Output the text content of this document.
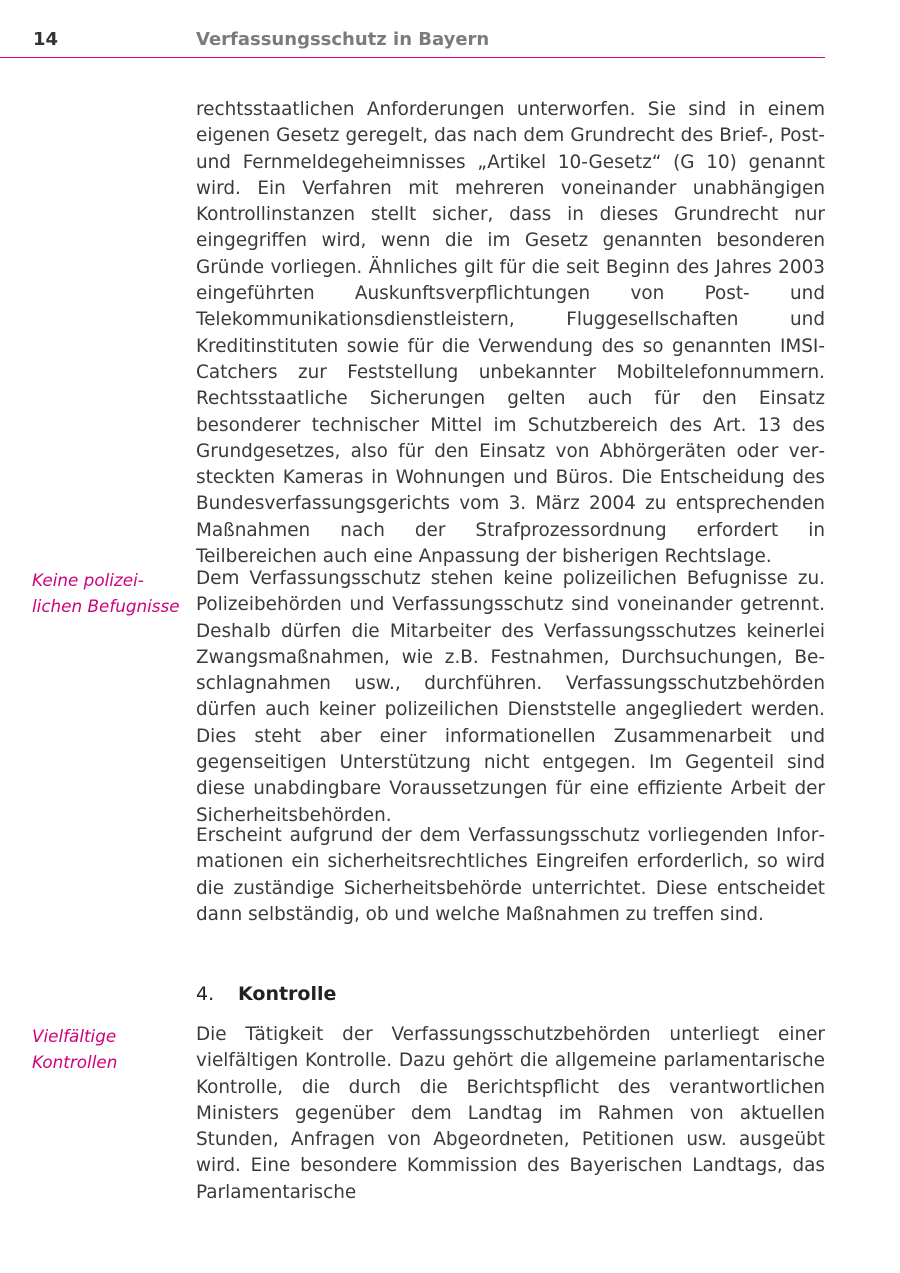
14	Verfassungsschutz in Bayern

rechtsstaatlichen Anforderungen unterworfen. Sie sind in einem eigenen Gesetz geregelt, das nach dem Grundrecht des Brief-, Post- und Fernmeldegeheimnisses „Artikel 10-Gesetz“ (G 10) genannt wird. Ein Verfahren mit mehreren voneinander unabhängigen Kontrollinstanzen stellt sicher, dass in dieses Grundrecht nur eingegriffen wird, wenn die im Gesetz genannten besonderen Gründe vorliegen. Ähnliches gilt für die seit Beginn des Jahres 2003 eingeführten Auskunftsverpflichtungen von Post- und Telekommunikationsdienstleistern, Fluggesellschaften und Kreditinstituten sowie für die Verwendung des so genannten IMSI-Catchers zur Feststellung unbekannter Mobiltelefonnummern. Rechtsstaatliche Sicherungen gelten auch für den Einsatz besonderer technischer Mittel im Schutzbereich des Art. 13 des Grundgesetzes, also für den Einsatz von Abhörgeräten oder versteckten Kameras in Wohnungen und Büros. Die Entscheidung des Bundesverfassungsgerichts vom 3. März 2004 zu entsprechenden Maßnahmen nach der Strafprozessordnung erfordert in Teilbereichen auch eine Anpassung der bisherigen Rechtslage.

Keine polizei-
lichen Befugnisse

Dem Verfassungsschutz stehen keine polizeilichen Befugnisse zu. Polizeibehörden und Verfassungsschutz sind voneinander getrennt. Deshalb dürfen die Mitarbeiter des Verfassungsschutzes keinerlei Zwangsmaßnahmen, wie z.B. Festnahmen, Durchsuchungen, Beschlagnahmen usw., durchführen. Verfassungsschutzbehörden dürfen auch keiner polizeilichen Dienststelle angegliedert werden. Dies steht aber einer informationellen Zusammenarbeit und gegenseitigen Unterstützung nicht entgegen. Im Gegenteil sind diese unabdingbare Voraussetzungen für eine effiziente Arbeit der Sicherheitsbehörden.

Erscheint aufgrund der dem Verfassungsschutz vorliegenden Informationen ein sicherheitsrechtliches Eingreifen erforderlich, so wird die zuständige Sicherheitsbehörde unterrichtet. Diese entscheidet dann selbständig, ob und welche Maßnahmen zu treffen sind.

4. Kontrolle
Vielfältige
Kontrollen

Die Tätigkeit der Verfassungsschutzbehörden unterliegt einer vielfältigen Kontrolle. Dazu gehört die allgemeine parlamentarische Kontrolle, die durch die Berichtspflicht des verantwortlichen Ministers gegenüber dem Landtag im Rahmen von aktuellen Stunden, Anfragen von Abgeordneten, Petitionen usw. ausgeübt wird. Eine besondere Kommission des Bayerischen Landtags, das Parlamentarische
